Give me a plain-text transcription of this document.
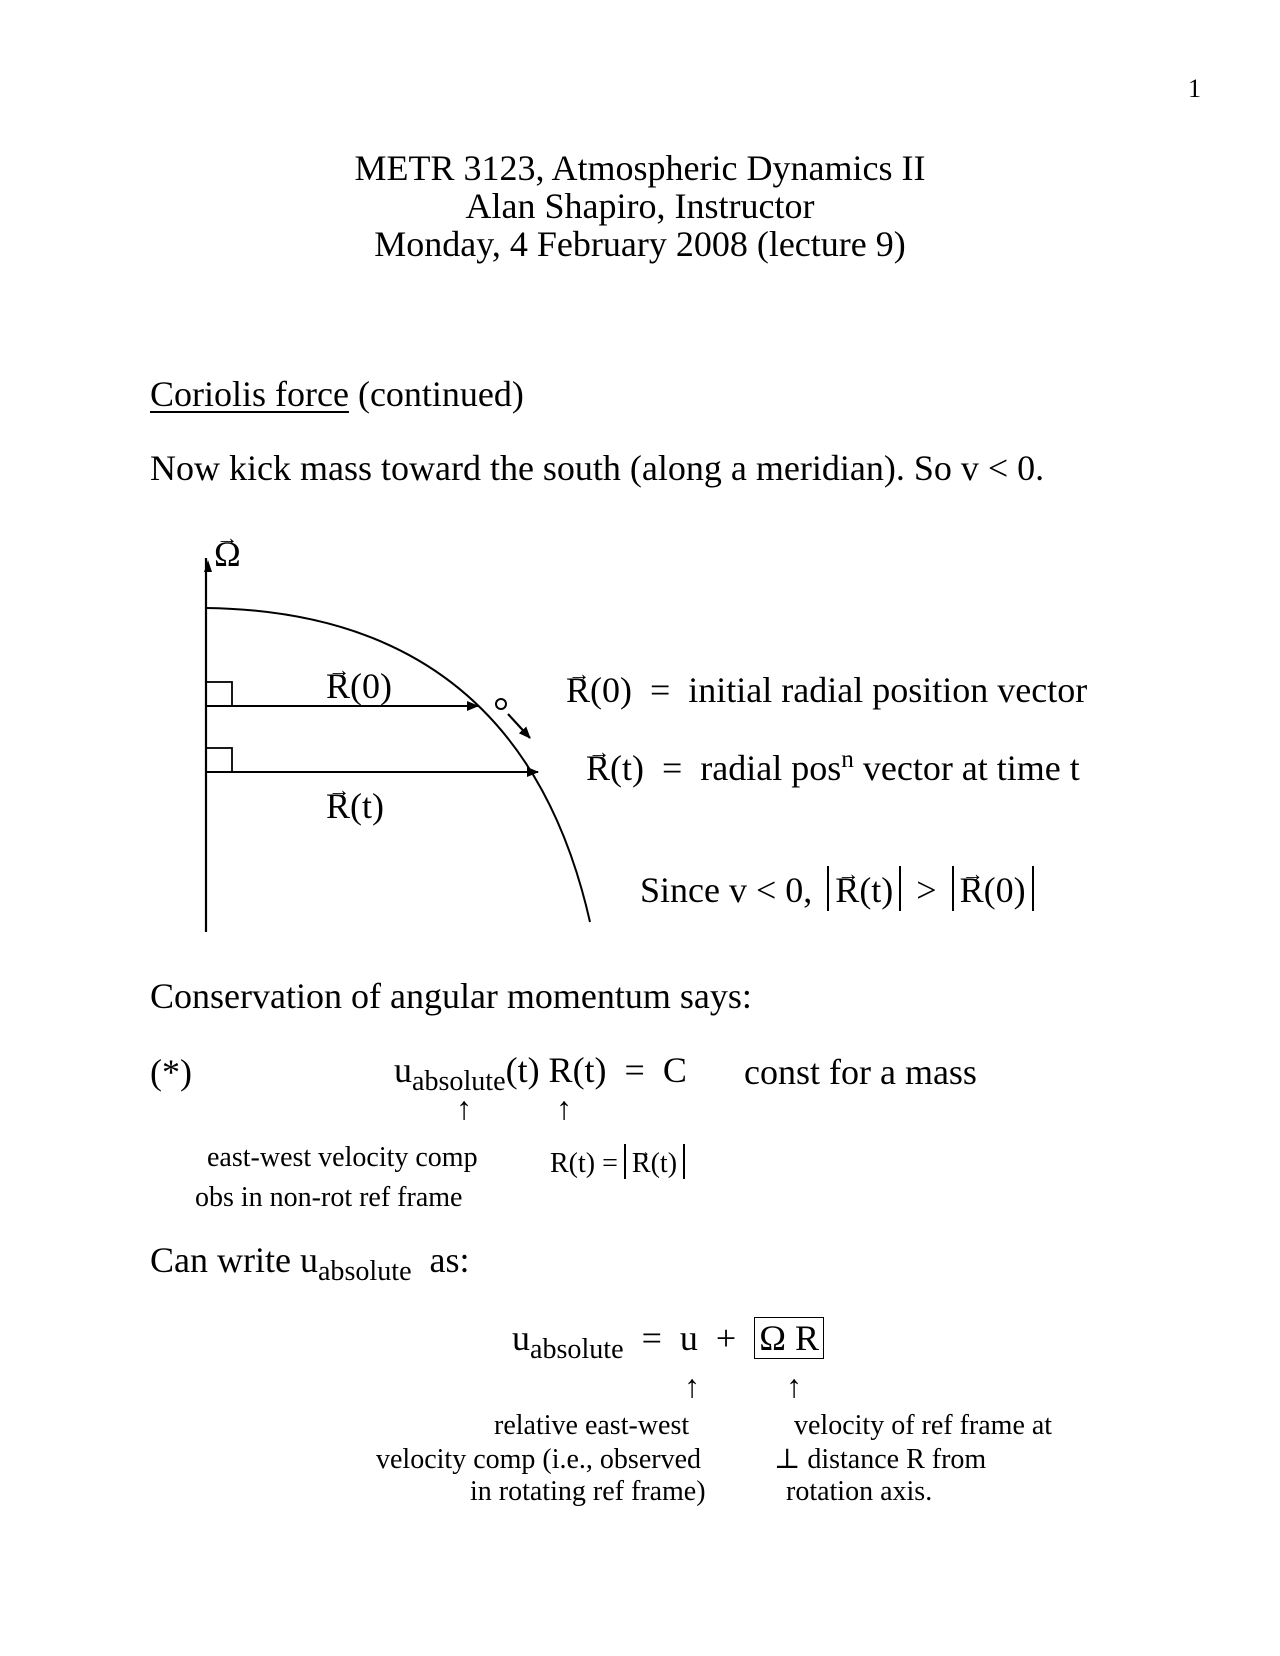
1
METR 3123, Atmospheric Dynamics II
Alan Shapiro, Instructor
Monday, 4 February 2008 (lecture 9)
Coriolis force (continued)
Now kick mass toward the south (along a meridian). So v < 0.
→ Ω
→ R(0)
→ R(t)
→ R(0)  =  initial radial position vector
→ R(t)  =  radial pos$^n$ vector at time t
Since v < 0, → R(t) > → R(0)
Conservation of angular momentum says:
(*)	$u_{absolute}(t) R(t) = C$ const for a mass
↑	↑
east-west velocity comp
obs in non-rot ref frame
R(t) = → R(t)
Can write $u_{absolute}$  as:
$u_{absolute} = u + \Omega$ R
↑	↑
relative east-west
velocity comp (i.e., observed
in rotating ref frame)
velocity of ref frame at
⊥ distance R from
rotation axis.
